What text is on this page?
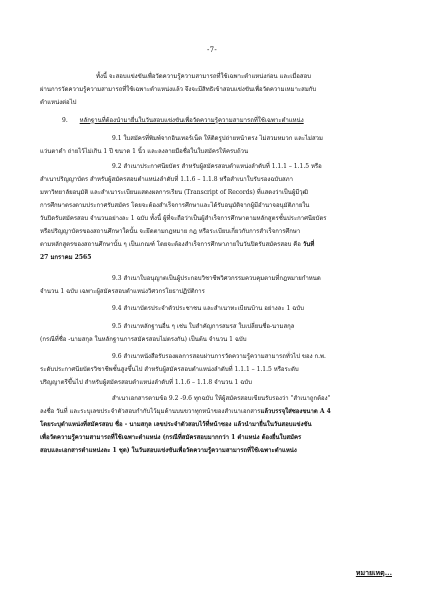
-7-
ทั้งนี้ จะสอบแข่งขันเพื่อวัดความรู้ความสามารถที่ใช้เฉพาะตำแหน่งก่อน และเมื่อสอบ
ผ่านการวัดความรู้ความสามารถที่ใช้เฉพาะตำแหน่งแล้ว จึงจะมีสิทธิเข้าสอบแข่งขันเพื่อวัดความเหมาะสมกับ
ตำแหน่งต่อไป
9. หลักฐานที่ต้องนำมายื่นในวันสอบแข่งขันเพื่อวัดความรู้ความสามารถที่ใช้เฉพาะตำแหน่ง
9.1 ใบสมัครที่พิมพ์จากอินเทอร์เน็ต ให้ติดรูปถ่ายหน้าตรง ไม่สวมหมวก และไม่สวม
แว่นตาดำ ถ่ายไว้ไม่เกิน 1 ปี ขนาด 1 นิ้ว และลงลายมือชื่อในใบสมัครให้ครบถ้วน
9.2 สำเนาประกาศนียบัตร สำหรับผู้สมัครสอบตำแหน่งลำดับที่ 1.1.1 – 1.1.5 หรือ
สำเนาปริญญาบัตร สำหรับผู้สมัครสอบตำแหน่งลำดับที่ 1.1.6 – 1.1.8 หรือสำเนาใบรับรองฉบับสภา
มหาวิทยาลัยอนุมัติ และสำเนาระเบียนแสดงผลการเรียน (Transcript of Records) ที่แสดงว่าเป็นผู้มีวุฒิ
การศึกษาตรงตามประกาศรับสมัคร โดยจะต้องสำเร็จการศึกษาและได้รับอนุมัติจากผู้มีอำนาจอนุมัติภายใน
วันปิดรับสมัครสอบ จำนวนอย่างละ 1 ฉบับ ทั้งนี้ ผู้ที่จะถือว่าเป็นผู้สำเร็จการศึกษาตามหลักสูตรชั้นประกาศนียบัตร
หรือปริญญาบัตรของสถานศึกษาใดนั้น จะยึดตามกฎหมาย กฎ หรือระเบียบเกี่ยวกับการสำเร็จการศึกษา
ตามหลักสูตรของสถานศึกษานั้น ๆ เป็นเกณฑ์ โดยจะต้องสำเร็จการศึกษาภายในวันปิดรับสมัครสอบ คือ วันที่
27 มกราคม 2565
9.3 สำเนาใบอนุญาตเป็นผู้ประกอบวิชาชีพวิศวกรรมควบคุมตามที่กฎหมายกำหนด
จำนวน 1 ฉบับ เฉพาะผู้สมัครสอบตำแหน่งวิศวกรโยธาปฏิบัติการ
9.4 สำเนาบัตรประจำตัวประชาชน และสำเนาทะเบียนบ้าน อย่างละ 1 ฉบับ
9.5 สำเนาหลักฐานอื่น ๆ เช่น ใบสำคัญการสมรส ใบเปลี่ยนชื่อ-นามสกุล
(กรณีที่ชื่อ -นามสกุล ในหลักฐานการสมัครสอบไม่ตรงกัน) เป็นต้น จำนวน 1 ฉบับ
9.6 สำเนาหนังสือรับรองผลการสอบผ่านการวัดความรู้ความสามารถทั่วไป ของ ก.พ.
ระดับประกาศนียบัตรวิชาชีพชั้นสูงขึ้นไป สำหรับผู้สมัครสอบตำแหน่งลำดับที่ 1.1.1 – 1.1.5 หรือระดับ
ปริญญาตรีขึ้นไป สำหรับผู้สมัครสอบตำแหน่งลำดับที่ 1.1.6 – 1.1.8 จำนวน 1 ฉบับ
สำเนาเอกสารตามข้อ 9.2 -9.6 ทุกฉบับ ให้ผู้สมัครสอบเขียนรับรองว่า "สำเนาถูกต้อง"
ลงชื่อ วันที่ และระบุเลขประจำตัวสอบกำกับไว้มุมด้านบนขวาทุกหน้าของสำเนาเอกสารแล้วบรรจุใส่ซองขนาด A 4
โดยระบุตำแหน่งที่สมัครสอบ ชื่อ - นามสกุล เลขประจำตัวสอบไว้ที่หน้าซอง แล้วนำมายื่นในวันสอบแข่งขัน
เพื่อวัดความรู้ความสามารถที่ใช้เฉพาะตำแหน่ง (กรณีที่สมัครสอบมากกว่า 1 ตำแหน่ง ต้องยื่นใบสมัคร
สอบและเอกสารตำแหน่งละ 1 ชุด) ในวันสอบแข่งขันเพื่อวัดความรู้ความสามารถที่ใช้เฉพาะตำแหน่ง
หมายเหตุ...
